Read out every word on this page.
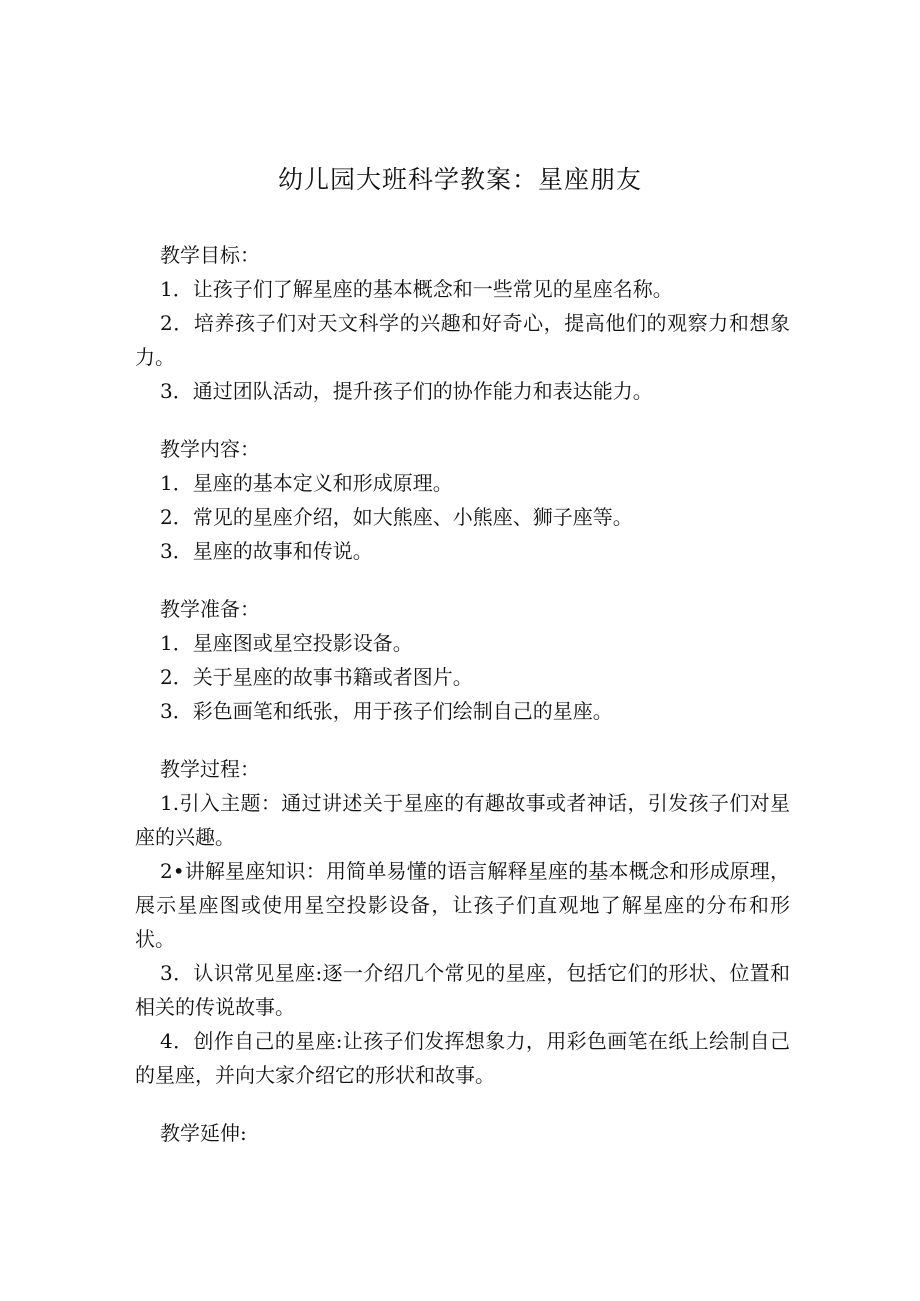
幼儿园大班科学教案：星座朋友
教学目标：
1．让孩子们了解星座的基本概念和一些常见的星座名称。
2．培养孩子们对天文科学的兴趣和好奇心，提高他们的观察力和想象力。
3．通过团队活动，提升孩子们的协作能力和表达能力。
教学内容：
1．星座的基本定义和形成原理。
2．常见的星座介绍，如大熊座、小熊座、狮子座等。
3．星座的故事和传说。
教学准备：
1．星座图或星空投影设备。
2．关于星座的故事书籍或者图片。
3．彩色画笔和纸张，用于孩子们绘制自己的星座。
教学过程：
1.引入主题：通过讲述关于星座的有趣故事或者神话，引发孩子们对星座的兴趣。
2•讲解星座知识：用简单易懂的语言解释星座的基本概念和形成原理，展示星座图或使用星空投影设备，让孩子们直观地了解星座的分布和形状。
3．认识常见星座:逐一介绍几个常见的星座，包括它们的形状、位置和相关的传说故事。
4．创作自己的星座:让孩子们发挥想象力，用彩色画笔在纸上绘制自己的星座，并向大家介绍它的形状和故事。
教学延伸:
